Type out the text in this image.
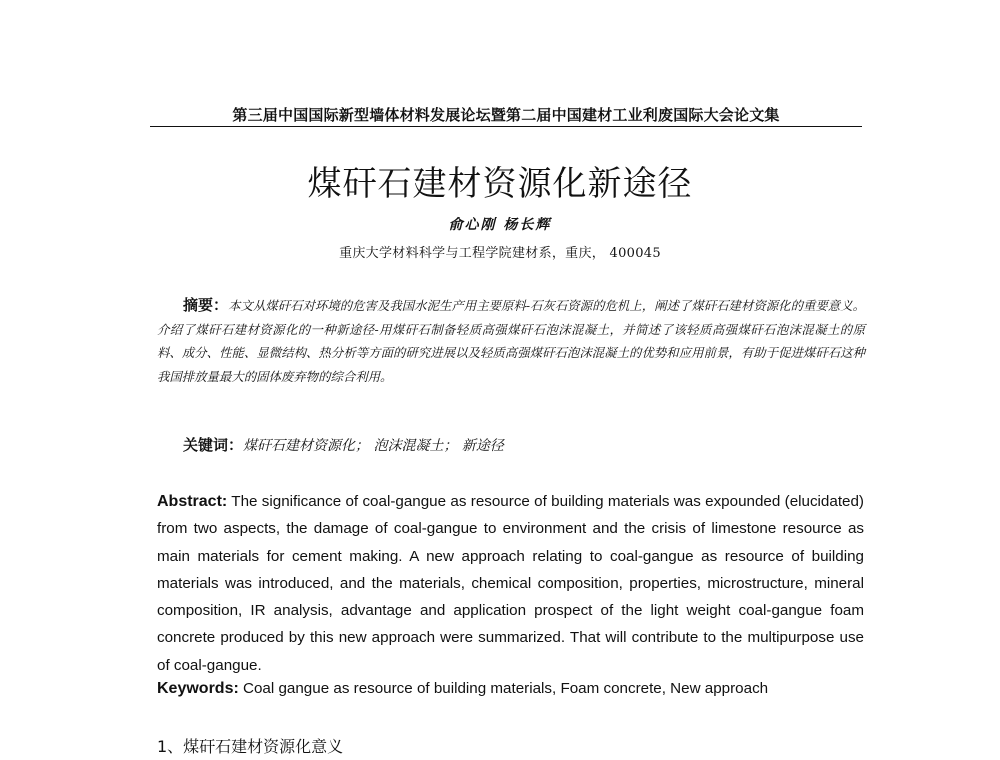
第三届中国国际新型墙体材料发展论坛暨第二届中国建材工业利废国际大会论文集
煤矸石建材资源化新途径
俞心刚 杨长辉
重庆大学材料科学与工程学院建材系，重庆， 400045
摘要：本文从煤矸石对环境的危害及我国水泥生产用主要原料-石灰石资源的危机上，阐述了煤矸石建材资源化的重要意义。介绍了煤矸石建材资源化的一种新途径-用煤矸石制备轻质高强煤矸石泡沫混凝土，并简述了该轻质高强煤矸石泡沫混凝土的原料、成分、性能、显微结构、热分析等方面的研究进展以及轻质高强煤矸石泡沫混凝土的优势和应用前景，有助于促进煤矸石这种我国排放量最大的固体废弃物的综合利用。
关键词：煤矸石建材资源化； 泡沫混凝土； 新途径
Abstract: The significance of coal-gangue as resource of building materials was expounded (elucidated) from two aspects, the damage of coal-gangue to environment and the crisis of limestone resource as main materials for cement making. A new approach relating to coal-gangue as resource of building materials was introduced, and the materials, chemical composition, properties, microstructure, mineral composition, IR analysis, advantage and application prospect of the light weight coal-gangue foam concrete produced by this new approach were summarized. That will contribute to the multipurpose use of coal-gangue.
Keywords: Coal gangue as resource of building materials, Foam concrete, New approach
1、煤矸石建材资源化意义
